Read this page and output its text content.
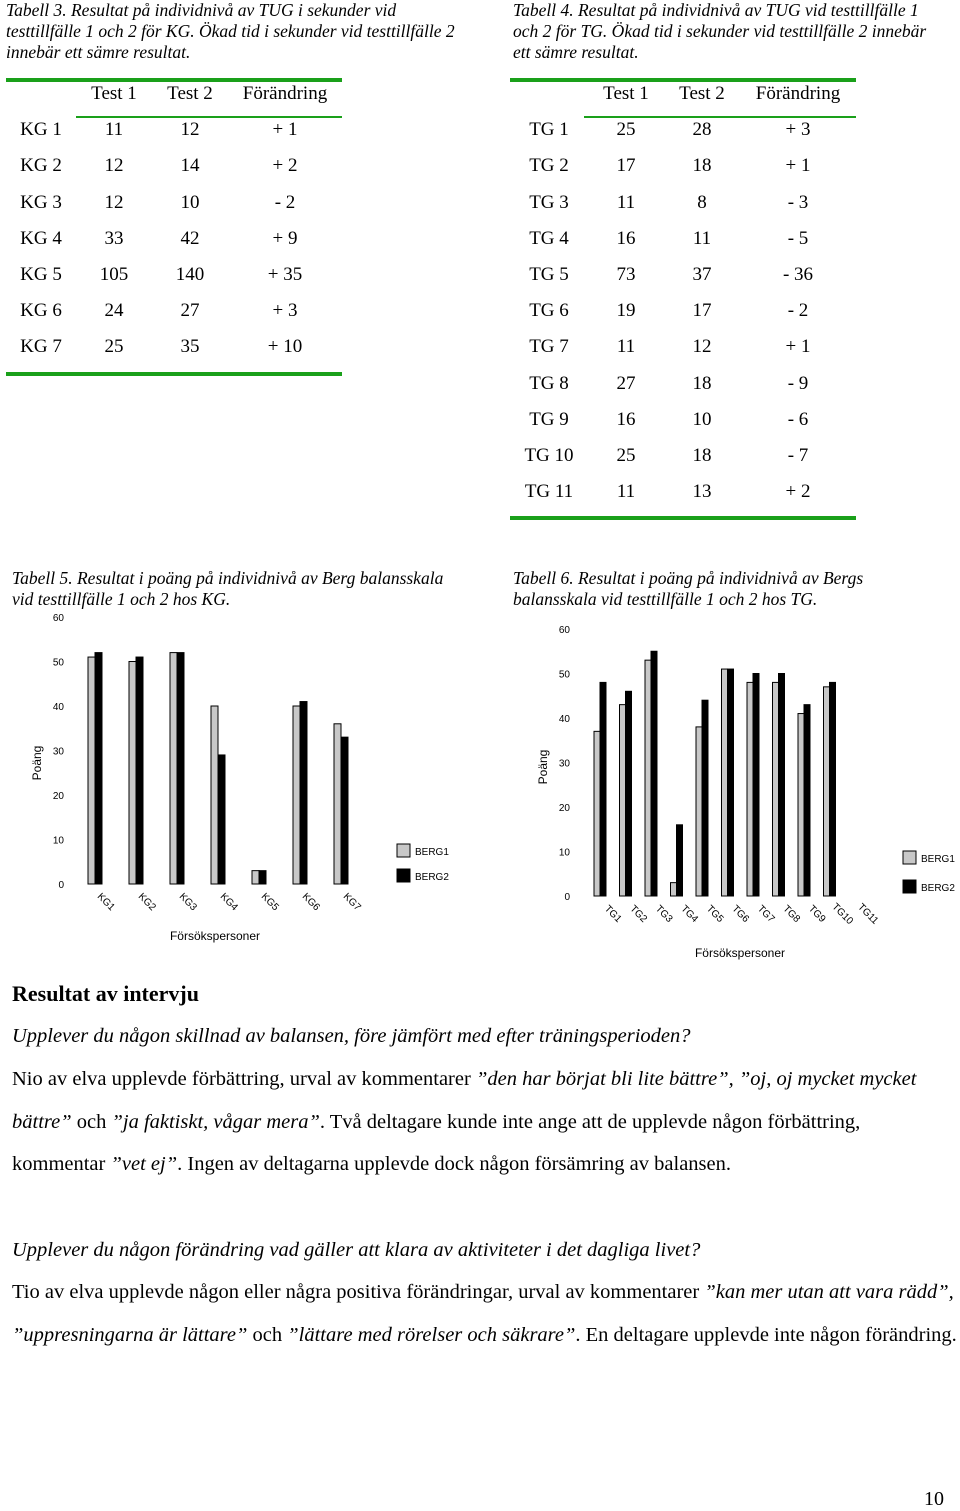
Tabell 3. Resultat på individnivå av TUG i sekunder vid testtillfälle 1 och 2 för KG. Ökad tid i sekunder vid testtillfälle 2 innebär ett sämre resultat.
	Test 1	Test 2	Förändring
KG 1	11	12	+ 1
KG 2	12	14	+ 2
KG 3	12	10	- 2
KG 4	33	42	+ 9
KG 5	105	140	+ 35
KG 6	24	27	+ 3
KG 7	25	35	+ 10
Tabell 4. Resultat på individnivå av TUG vid testtillfälle 1 och 2 för TG. Ökad tid i sekunder vid testtillfälle 2 innebär ett sämre resultat.
	Test 1	Test 2	Förändring
TG 1	25	28	+ 3
TG 2	17	18	+ 1
TG 3	11	8	- 3
TG 4	16	11	- 5
TG 5	73	37	- 36
TG 6	19	17	- 2
TG 7	11	12	+ 1
TG 8	27	18	- 9
TG 9	16	10	- 6
TG 10	25	18	- 7
TG 11	11	13	+ 2
Tabell 5. Resultat i poäng på individnivå av Berg balansskala vid testtillfälle 1 och 2 hos KG.
Tabell 6. Resultat i poäng på individnivå av Bergs balansskala vid testtillfälle 1 och 2 hos TG.
0
10
20
30
40
50
60
Poäng
Försökspersoner
KG1 KG2 KG3 KG4 KG5 KG6 KG7
BERG1
BERG2
0
10
20
30
40
50
60
Poäng
Försökspersoner
TG1 TG2 TG3 TG4 TG5 TG6 TG7 TG8 TG9 TG10 TG11
BERG1
BERG2
Resultat av intervju
Upplever du någon skillnad av balansen, före jämfört med efter träningsperioden?
Nio av elva upplevde förbättring, urval av kommentarer ”den har börjat bli lite bättre”, ”oj, oj mycket mycket bättre” och ”ja faktiskt, vågar mera”. Två deltagare kunde inte ange att de upplevde någon förbättring, kommentar ”vet ej”. Ingen av deltagarna upplevde dock någon försämring av balansen.
Upplever du någon förändring vad gäller att klara av aktiviteter i det dagliga livet?
Tio av elva upplevde någon eller några positiva förändringar, urval av kommentarer ”kan mer utan att vara rädd”, ”uppresningarna är lättare” och ”lättare med rörelser och säkrare”. En deltagare upplevde inte någon förändring.
10
